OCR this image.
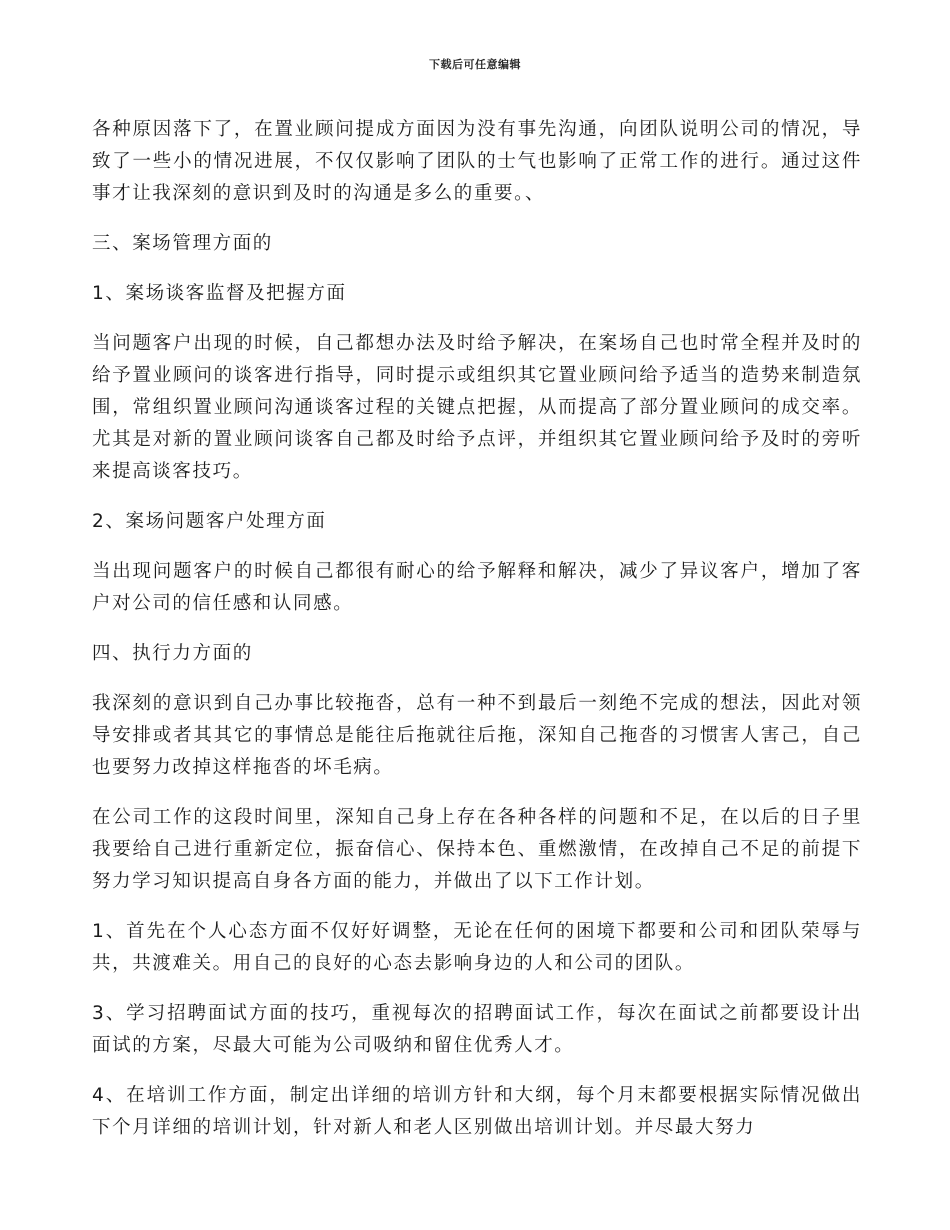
下载后可任意编辑

各种原因落下了，在置业顾问提成方面因为没有事先沟通，向团队说明公司的情况，导致了一些小的情况进展，不仅仅影响了团队的士气也影响了正常工作的进行。通过这件事才让我深刻的意识到及时的沟通是多么的重要。、

三、案场管理方面的

1、案场谈客监督及把握方面

当问题客户出现的时候，自己都想办法及时给予解决，在案场自己也时常全程并及时的给予置业顾问的谈客进行指导，同时提示或组织其它置业顾问给予适当的造势来制造氛围，常组织置业顾问沟通谈客过程的关键点把握，从而提高了部分置业顾问的成交率。尤其是对新的置业顾问谈客自己都及时给予点评，并组织其它置业顾问给予及时的旁听来提高谈客技巧。

2、案场问题客户处理方面

当出现问题客户的时候自己都很有耐心的给予解释和解决，减少了异议客户，增加了客户对公司的信任感和认同感。

四、执行力方面的

我深刻的意识到自己办事比较拖沓，总有一种不到最后一刻绝不完成的想法，因此对领导安排或者其其它的事情总是能往后拖就往后拖，深知自己拖沓的习惯害人害己，自己也要努力改掉这样拖沓的坏毛病。

在公司工作的这段时间里，深知自己身上存在各种各样的问题和不足，在以后的日子里我要给自己进行重新定位，振奋信心、保持本色、重燃激情，在改掉自己不足的前提下努力学习知识提高自身各方面的能力，并做出了以下工作计划。

1、首先在个人心态方面不仅好好调整，无论在任何的困境下都要和公司和团队荣辱与共，共渡难关。用自己的良好的心态去影响身边的人和公司的团队。

3、学习招聘面试方面的技巧，重视每次的招聘面试工作，每次在面试之前都要设计出面试的方案，尽最大可能为公司吸纳和留住优秀人才。

4、在培训工作方面，制定出详细的培训方针和大纲，每个月末都要根据实际情况做出下个月详细的培训计划，针对新人和老人区别做出培训计划。并尽最大努力
